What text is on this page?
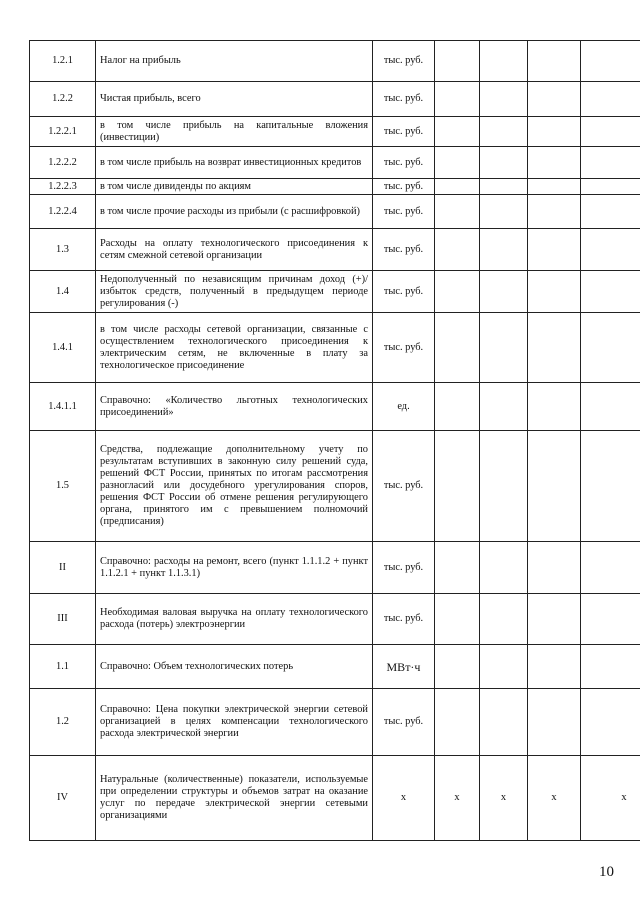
1.2.1	Налог на прибыль	тыс. руб.				
1.2.2	Чистая прибыль, всего	тыс. руб.				
1.2.2.1	в том числе прибыль на капитальные вложения (инвестиции)	тыс. руб.				
1.2.2.2	в том числе прибыль на возврат инвестиционных кредитов	тыс. руб.				
1.2.2.3	в том числе дивиденды по акциям	тыс. руб.				
1.2.2.4	в том числе прочие расходы из прибыли (с расшифровкой)	тыс. руб.				
1.3	Расходы на оплату технологического присоединения к сетям смежной сетевой организации	тыс. руб.				
1.4	Недополученный по независящим причинам доход (+)/избыток средств, полученный в предыдущем периоде регулирования (-)	тыс. руб.				
1.4.1	в том числе расходы сетевой организации, связанные с осуществлением технологического присоединения к электрическим сетям, не включенные в плату за технологическое присоединение	тыс. руб.				
1.4.1.1	Справочно: «Количество льготных технологических присоединений»	ед.				
1.5	Средства, подлежащие дополнительному учету по результатам вступивших в законную силу решений суда, решений ФСТ России, принятых по итогам рассмотрения разногласий или досудебного урегулирования споров, решения ФСТ России об отмене решения регулирующего органа, принятого им с превышением полномочий (предписания)	тыс. руб.				
II	Справочно: расходы на ремонт, всего (пункт 1.1.1.2 + пункт 1.1.2.1 + пункт 1.1.3.1)	тыс. руб.				
III	Необходимая валовая выручка на оплату технологического расхода (потерь) электроэнергии	тыс. руб.				
1.1	Справочно: Объем технологических потерь	МВт·ч				
1.2	Справочно: Цена покупки электрической энергии сетевой организацией в целях компенсации технологического расхода электрической энергии	тыс. руб.				
IV	Натуральные (количественные) показатели, используемые при определении структуры и объемов затрат на оказание услуг по передаче электрической энергии сетевыми организациями	x	x	x	x	x
10
